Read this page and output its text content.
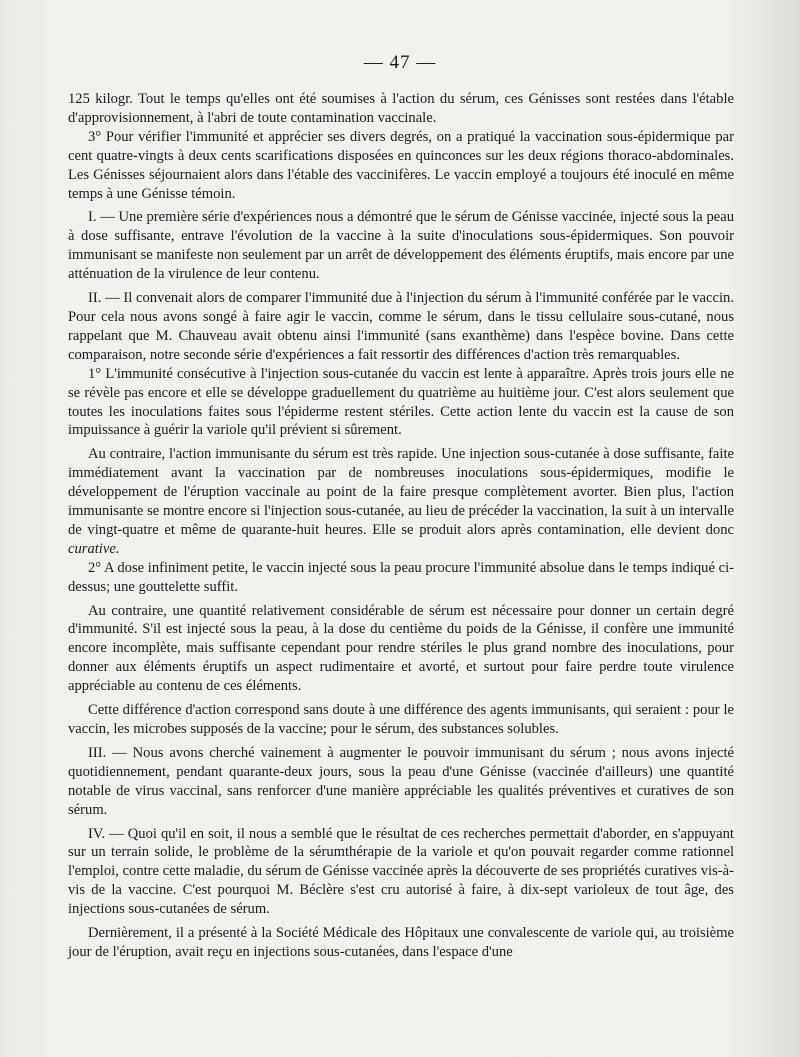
— 47 —

125 kilogr. Tout le temps qu'elles ont été soumises à l'action du sérum, ces Génisses sont restées dans l'étable d'approvisionnement, à l'abri de toute contamination vaccinale.

3° Pour vérifier l'immunité et apprécier ses divers degrés, on a pratiqué la vaccination sous-épidermique par cent quatre-vingts à deux cents scarifications disposées en quinconces sur les deux régions thoraco-abdominales. Les Génisses séjournaient alors dans l'étable des vaccinifères. Le vaccin employé a toujours été inoculé en même temps à une Génisse témoin.

I. — Une première série d'expériences nous a démontré que le sérum de Génisse vaccinée, injecté sous la peau à dose suffisante, entrave l'évolution de la vaccine à la suite d'inoculations sous-épidermiques. Son pouvoir immunisant se manifeste non seulement par un arrêt de développement des éléments éruptifs, mais encore par une atténuation de la virulence de leur contenu.

II. — Il convenait alors de comparer l'immunité due à l'injection du sérum à l'immunité conférée par le vaccin. Pour cela nous avons songé à faire agir le vaccin, comme le sérum, dans le tissu cellulaire sous-cutané, nous rappelant que M. Chauveau avait obtenu ainsi l'immunité (sans exanthème) dans l'espèce bovine. Dans cette comparaison, notre seconde série d'expériences a fait ressortir des différences d'action très remarquables.

1° L'immunité consécutive à l'injection sous-cutanée du vaccin est lente à apparaître. Après trois jours elle ne se révèle pas encore et elle se développe graduellement du quatrième au huitième jour. C'est alors seulement que toutes les inoculations faites sous l'épiderme restent stériles. Cette action lente du vaccin est la cause de son impuissance à guérir la variole qu'il prévient si sûrement.

Au contraire, l'action immunisante du sérum est très rapide. Une injection sous-cutanée à dose suffisante, faite immédiatement avant la vaccination par de nombreuses inoculations sous-épidermiques, modifie le développement de l'éruption vaccinale au point de la faire presque complètement avorter. Bien plus, l'action immunisante se montre encore si l'injection sous-cutanée, au lieu de précéder la vaccination, la suit à un intervalle de vingt-quatre et même de quarante-huit heures. Elle se produit alors après contamination, elle devient donc curative.

2° A dose infiniment petite, le vaccin injecté sous la peau procure l'immunité absolue dans le temps indiqué ci-dessus; une gouttelette suffit.

Au contraire, une quantité relativement considérable de sérum est nécessaire pour donner un certain degré d'immunité. S'il est injecté sous la peau, à la dose du centième du poids de la Génisse, il confère une immunité encore incomplète, mais suffisante cependant pour rendre stériles le plus grand nombre des inoculations, pour donner aux éléments éruptifs un aspect rudimentaire et avorté, et surtout pour faire perdre toute virulence appréciable au contenu de ces éléments.

Cette différence d'action correspond sans doute à une différence des agents immunisants, qui seraient : pour le vaccin, les microbes supposés de la vaccine; pour le sérum, des substances solubles.

III. — Nous avons cherché vainement à augmenter le pouvoir immunisant du sérum ; nous avons injecté quotidiennement, pendant quarante-deux jours, sous la peau d'une Génisse (vaccinée d'ailleurs) une quantité notable de virus vaccinal, sans renforcer d'une manière appréciable les qualités préventives et curatives de son sérum.

IV. — Quoi qu'il en soit, il nous a semblé que le résultat de ces recherches permettait d'aborder, en s'appuyant sur un terrain solide, le problème de la sérumthérapie de la variole et qu'on pouvait regarder comme rationnel l'emploi, contre cette maladie, du sérum de Génisse vaccinée après la découverte de ses propriétés curatives vis-à-vis de la vaccine. C'est pourquoi M. Béclère s'est cru autorisé à faire, à dix-sept varioleux de tout âge, des injections sous-cutanées de sérum.

Dernièrement, il a présenté à la Société Médicale des Hôpitaux une convalescente de variole qui, au troisième jour de l'éruption, avait reçu en injections sous-cutanées, dans l'espace d'une
